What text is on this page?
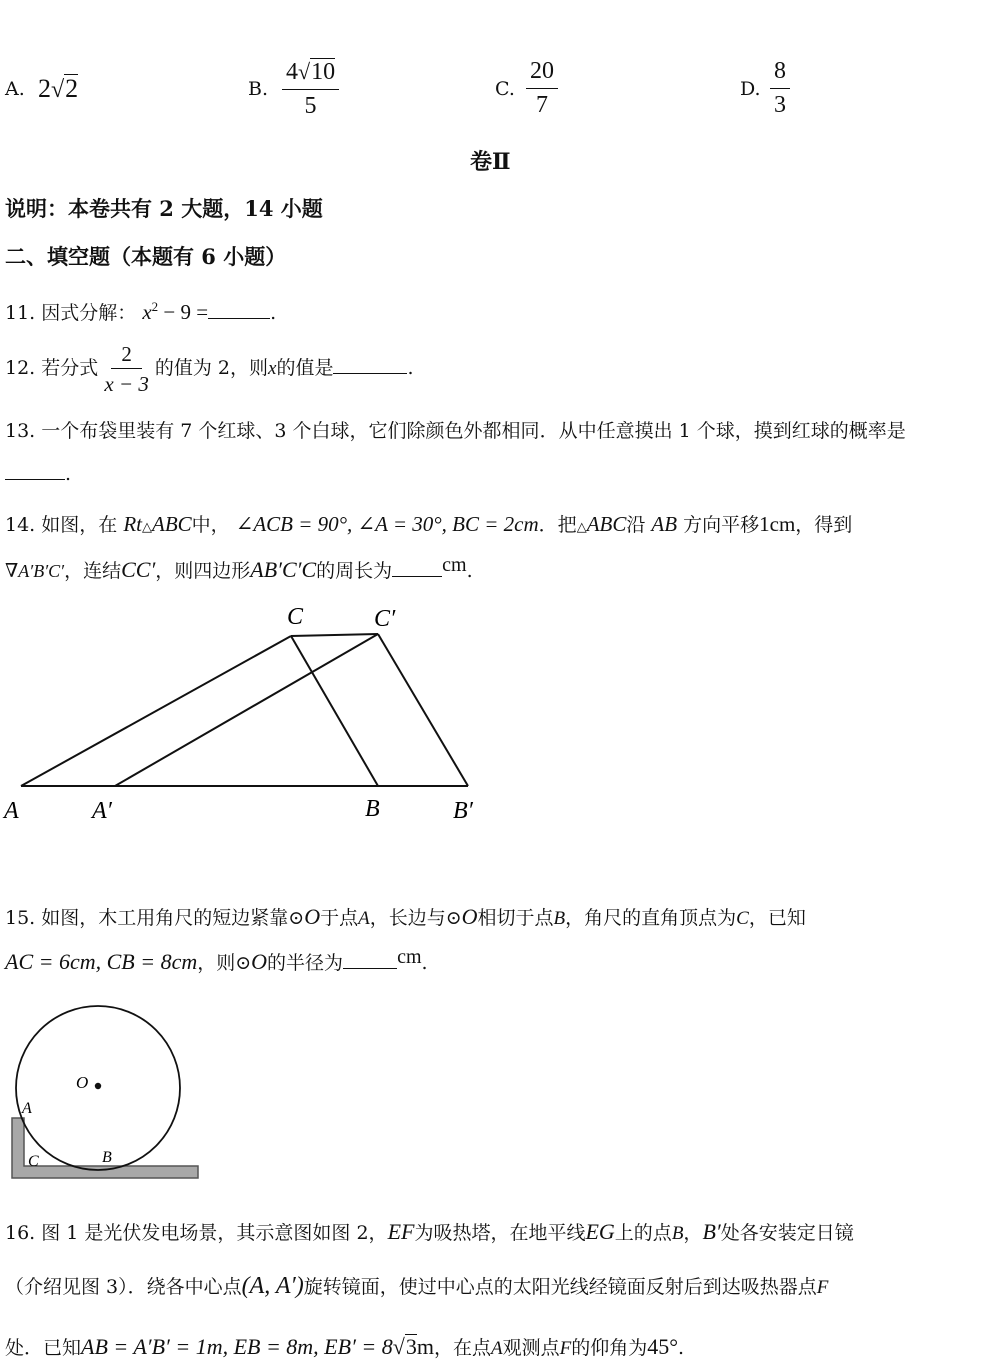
A. 2√2	B. $\frac{4√10}{5}$	C. $\frac{20}{7}$	D. $\frac{8}{3}$
卷Ⅱ
说明：本卷共有 2 大题，14 小题
二、填空题（本题有 6 小题）
11. 因式分解： $x^2 - 9$ =	.
12. 若分式 $\frac{2}{x - 3}$ 的值为 2，则x的值是	.
13. 一个布袋里装有 7 个红球、3 个白球，它们除颜色外都相同．从中任意摸出 1 个球，摸到红球的概率是
.
14. 如图，在 Rt△ABC中， ∠ACB = 90°, ∠A = 30°, BC = 2cm．把△ABC沿 AB 方向平移1cm，得到
∇A′B′C′，连结CC′，则四边形AB′C′C的周长为	cm.
C	C′
A	A′	B	B′
15. 如图，木工用角尺的短边紧靠⊙O于点A，长边与⊙O相切于点B，角尺的直角顶点为C，已知
AC = 6cm, CB = 8cm，则⊙O的半径为	cm.
O
A
C	B
16. 图 1 是光伏发电场景，其示意图如图 2，EF为吸热塔，在地平线EG上的点B，B′处各安装定日镜
（介绍见图 3）．绕各中心点(A, A′)旋转镜面，使过中心点的太阳光线经镜面反射后到达吸热器点F
处．已知AB = A′B′ = 1m, EB = 8m, EB′ = 8√3m，在点A观测点F的仰角为45°.
